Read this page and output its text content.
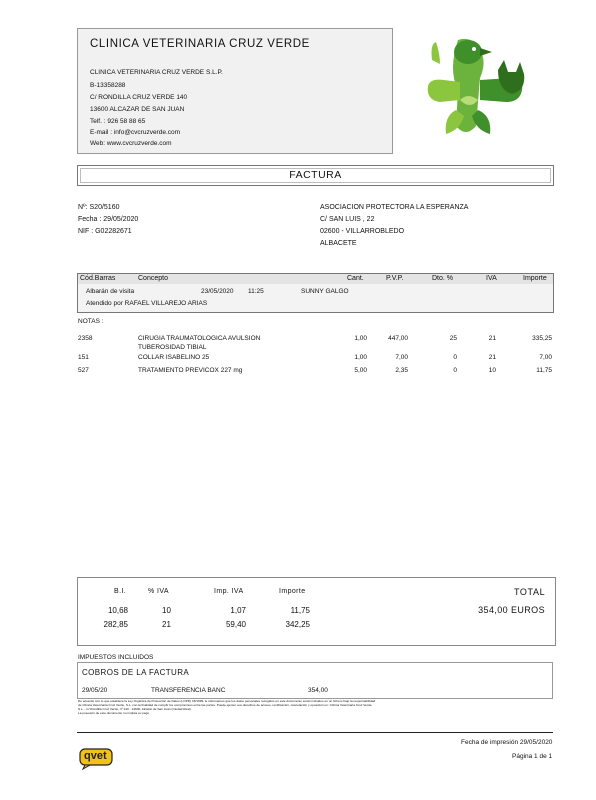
CLINICA VETERINARIA CRUZ VERDE
CLINICA VETERINARIA CRUZ VERDE S.L.P.
B-13358288
C/ RONDILLA CRUZ VERDE 140
13600 ALCAZAR DE SAN JUAN
Telf. : 926 58 88 65
E-mail : info@cvcruzverde.com
Web: www.cvcruzverde.com
FACTURA
Nº: S20/5160
Fecha : 29/05/2020
NIF : G02282671
ASOCIACION PROTECTORA LA ESPERANZA
C/ SAN LUIS , 22
02600 - VILLARROBLEDO
ALBACETE
Cód.Barras	Concepto	Cant.	P.V.P.	Dto. %	IVA	Importe
Albarán de visita	23/05/2020 11:25	SUNNY GALGO
Atendido por RAFAEL VILLAREJO ARIAS
NOTAS :
2358	CIRUGIA TRAUMATOLOGICA AVULSION
TUBEROSIDAD TIBIAL
1,00	447,00	25	21	335,25
151	COLLAR ISABELINO 25	1,00	7,00	0	21	7,00
527	TRATAMIENTO PREVICOX 227 mg	5,00	2,35	0	10	11,75
B.I.	% IVA	Imp. IVA	Importe	TOTAL
10,68	10	1,07	11,75
282,85	21	59,40	342,25
354,00 EUROS
IMPUESTOS INCLUIDOS
COBROS DE LA FACTURA
29/05/20	TRANSFERENCIA BANC	354,00
De acuerdo con lo que establece la Ley Orgánica de Protección de Datos (LOPD) 15/1999, le informamos que los datos personales recogidos en este documento serán incluidos en un fichero bajo la responsabilidad
de Clínica Veterinaria Cruz Verde, S.L. con la finalidad de cumplir los compromisos entre las partes. Puede ejercer sus derechos de acceso, rectificación, cancelación y oposición en: Clínica Veterinaria Cruz Verde,
S.L. - C/ Rondilla Cruz Verde, nº 140 - 13600, Alcázar de San Juan (Ciudad Real).
La posesión de este documento no implica su pago.
qvet
Fecha de impresión 29/05/2020
Página 1 de 1
